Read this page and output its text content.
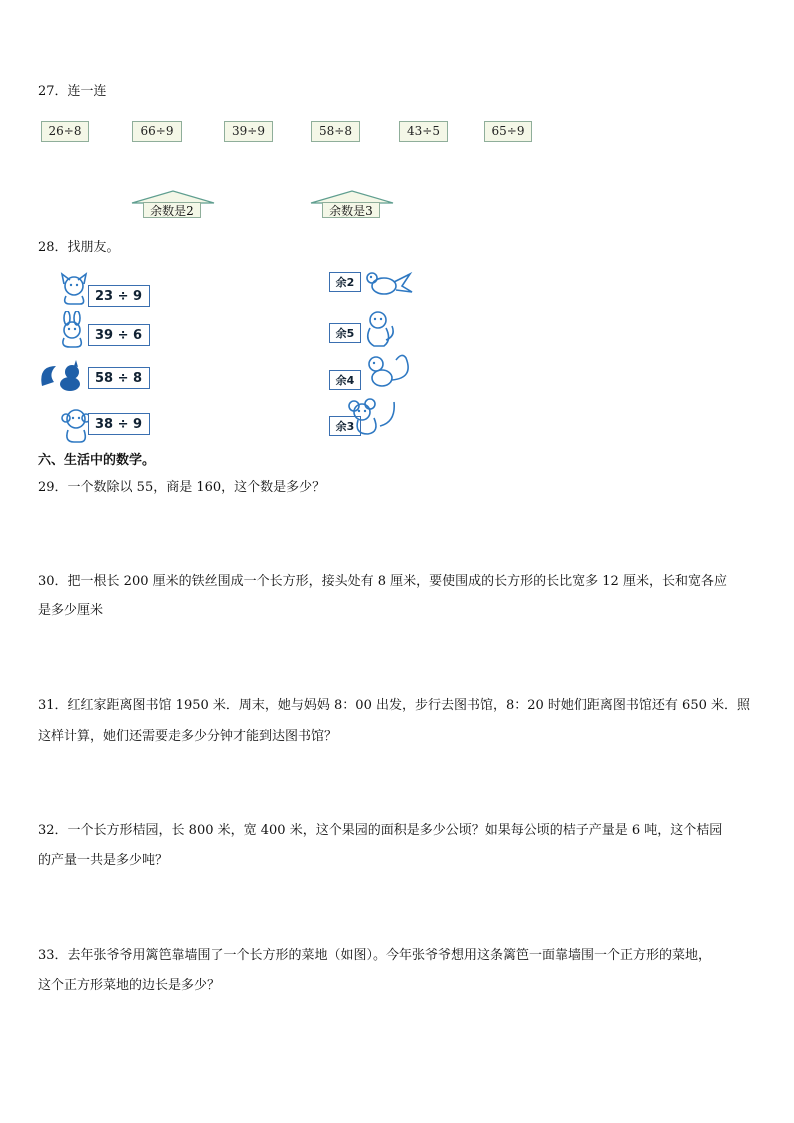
27．连一连
26÷8	66÷9	39÷9	58÷8	43÷5	65÷9
余数是2	余数是3
28．找朋友。
23 ÷ 9
39 ÷ 6
58 ÷ 8
38 ÷ 9
余2
余5
余4
余3
六、生活中的数学。
29．一个数除以 55，商是 160，这个数是多少？
30．把一根长 200 厘米的铁丝围成一个长方形，接头处有 8 厘米，要使围成的长方形的长比宽多 12 厘米，长和宽各应
是多少厘米
31．红红家距离图书馆 1950 米．周末，她与妈妈 8：00 出发，步行去图书馆，8：20 时她们距离图书馆还有 650 米．照
这样计算，她们还需要走多少分钟才能到达图书馆？
32．一个长方形桔园，长 800 米，宽 400 米，这个果园的面积是多少公顷？如果每公顷的桔子产量是 6 吨，这个桔园
的产量一共是多少吨？
33．去年张爷爷用篱笆靠墙围了一个长方形的菜地（如图）。今年张爷爷想用这条篱笆一面靠墙围一个正方形的菜地，
这个正方形菜地的边长是多少？
